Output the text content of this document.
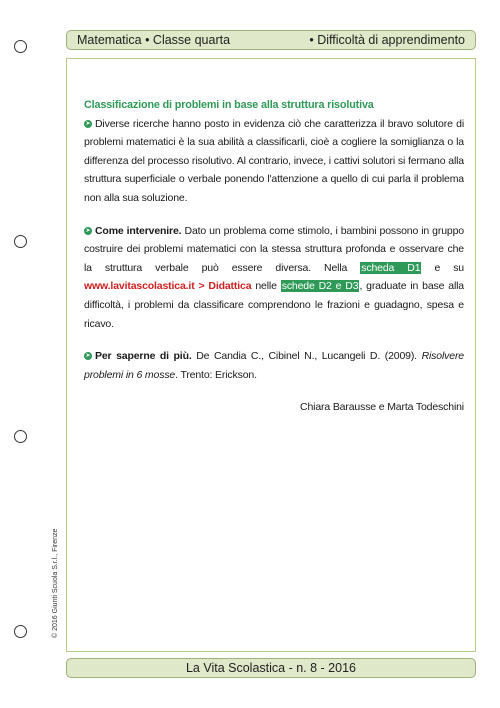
Matematica • Classe quarta	• Difficoltà di apprendimento
Classificazione di problemi in base alla struttura risolutiva

➤ Diverse ricerche hanno posto in evidenza ciò che caratterizza il bravo solutore di problemi matematici è la sua abilità a classificarli, cioè a cogliere la somiglianza o la differenza del processo risolutivo. Al contrario, invece, i cattivi solutori si fermano alla struttura superficiale o verbale ponendo l'attenzione a quello di cui parla il problema non alla sua soluzione.

➤ Come intervenire. Dato un problema come stimolo, i bambini possono in gruppo costruire dei problemi matematici con la stessa struttura profonda e osservare che la struttura verbale può essere diversa. Nella scheda D1 e su www.lavitascolastica.it > Didattica nelle schede D2 e D3, graduate in base alla difficoltà, i problemi da classificare comprendono le frazioni e guadagno, spesa e ricavo.

➤ Per saperne di più. De Candia C., Cibinel N., Lucangeli D. (2009). Risolvere problemi in 6 mosse. Trento: Erickson.

Chiara Barausse e Marta Todeschini
© 2016 Giunti Scuola S.r.l., Firenze
La Vita Scolastica - n. 8 - 2016
